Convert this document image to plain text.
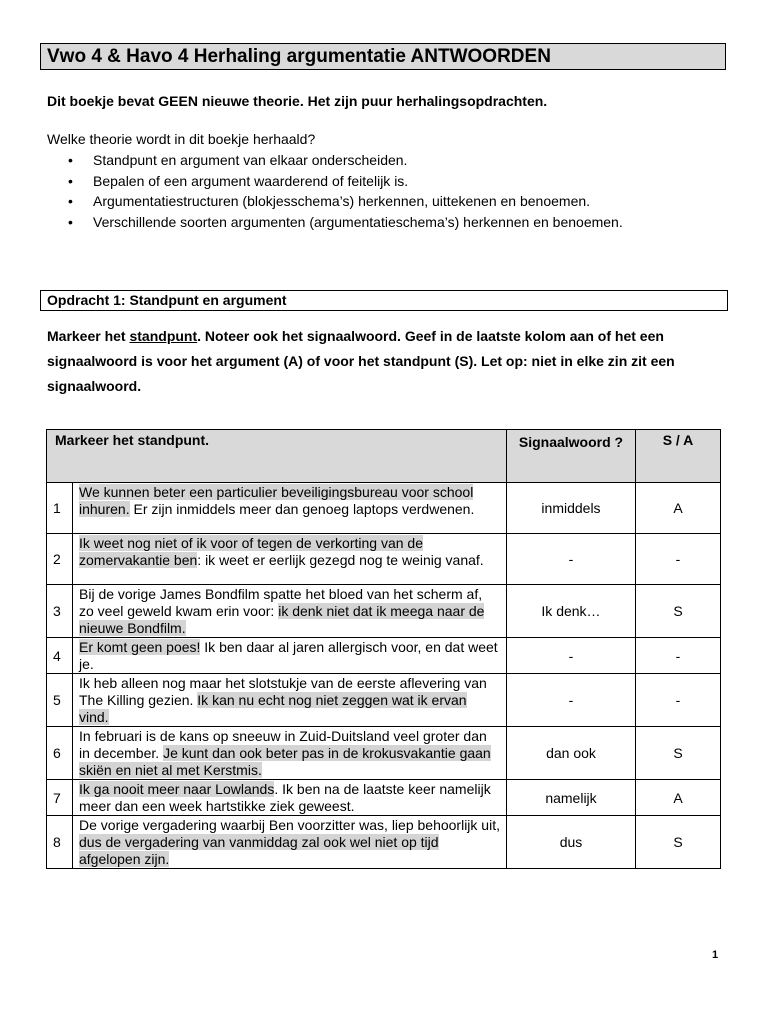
Vwo 4 & Havo 4 Herhaling argumentatie ANTWOORDEN
Dit boekje bevat GEEN nieuwe theorie. Het zijn puur herhalingsopdrachten.
Welke theorie wordt in dit boekje herhaald?
• Standpunt en argument van elkaar onderscheiden.
• Bepalen of een argument waarderend of feitelijk is.
• Argumentatiestructuren (blokjesschema’s) herkennen, uittekenen en benoemen.
• Verschillende soorten argumenten (argumentatieschema’s) herkennen en benoemen.
Opdracht 1: Standpunt en argument
Markeer het standpunt. Noteer ook het signaalwoord. Geef in de laatste kolom aan of het een signaalwoord is voor het argument (A) of voor het standpunt (S). Let op: niet in elke zin zit een signaalwoord.
Markeer het standpunt.		Signaalwoord ?	S / A
1	We kunnen beter een particulier beveiligingsbureau voor school inhuren. Er zijn inmiddels meer dan genoeg laptops verdwenen.	inmiddels	A
2	Ik weet nog niet of ik voor of tegen de verkorting van de zomervakantie ben: ik weet er eerlijk gezegd nog te weinig vanaf.	-	-
3	Bij de vorige James Bondfilm spatte het bloed van het scherm af, zo veel geweld kwam erin voor: ik denk niet dat ik meega naar de nieuwe Bondfilm.	Ik denk…	S
4	Er komt geen poes! Ik ben daar al jaren allergisch voor, en dat weet je.	-	-
5	Ik heb alleen nog maar het slotstukje van de eerste aflevering van The Killing gezien. Ik kan nu echt nog niet zeggen wat ik ervan vind.	-	-
6	In februari is de kans op sneeuw in Zuid-Duitsland veel groter dan in december. Je kunt dan ook beter pas in de krokusvakantie gaan skiën en niet al met Kerstmis.	dan ook	S
7	Ik ga nooit meer naar Lowlands. Ik ben na de laatste keer namelijk meer dan een week hartstikke ziek geweest.	namelijk	A
8	De vorige vergadering waarbij Ben voorzitter was, liep behoorlijk uit, dus de vergadering van vanmiddag zal ook wel niet op tijd afgelopen zijn.	dus	S
1
